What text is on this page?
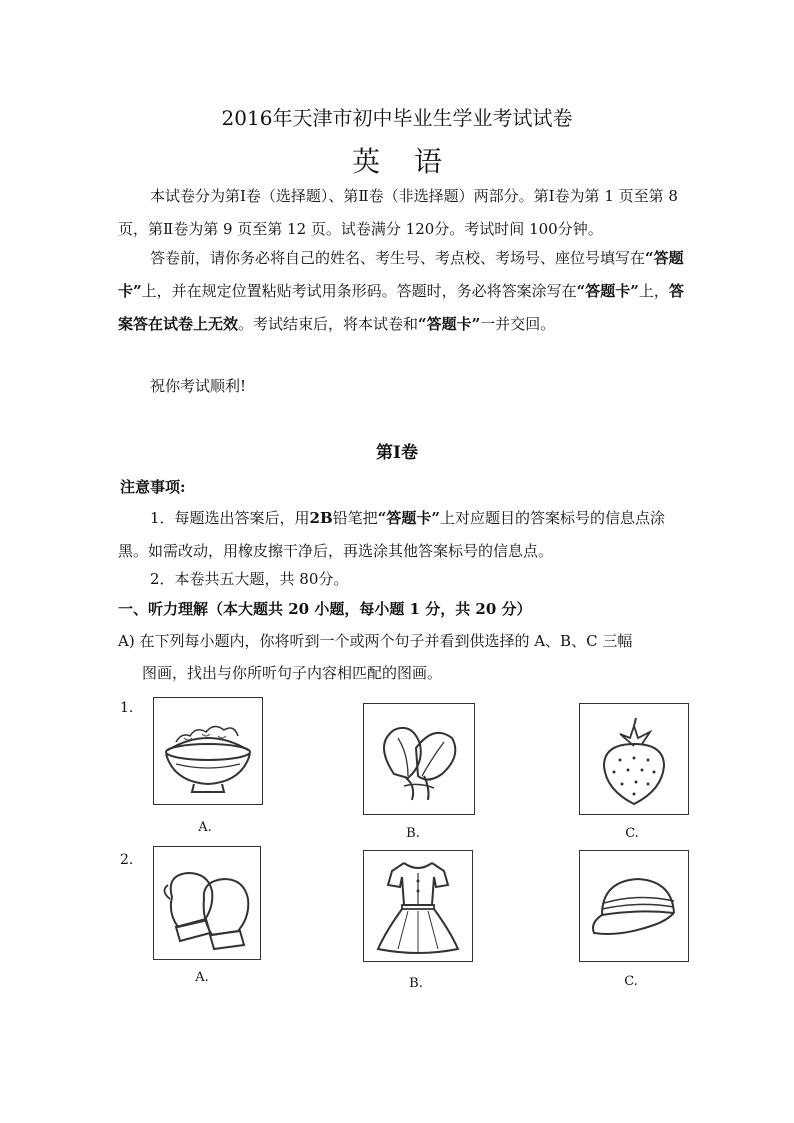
2016年天津市初中毕业生学业考试试卷
英语
本试卷分为第Ⅰ卷（选择题）、第Ⅱ卷（非选择题）两部分。第Ⅰ卷为第 1 页至第 8 页，第Ⅱ卷为第 9 页至第 12 页。试卷满分 120分。考试时间 100分钟。
答卷前，请你务必将自己的姓名、考生号、考点校、考场号、座位号填写在“答题卡”上，并在规定位置粘贴考试用条形码。答题时，务必将答案涂写在“答题卡”上，答案答在试卷上无效。考试结束后，将本试卷和“答题卡”一并交回。
祝你考试顺利!
第Ⅰ卷
注意事项:
1．每题选出答案后，用2B铅笔把“答题卡”上对应题目的答案标号的信息点涂黑。如需改动，用橡皮擦干净后，再选涂其他答案标号的信息点。
2．本卷共五大题，共 80分。
一、听力理解（本大题共 20 小题，每小题 1 分，共 20 分）
A) 在下列每小题内，你将听到一个或两个句子并看到供选择的 A、B、C 三幅
图画，找出与你所听句子内容相匹配的图画。
1.
A.	B.	C.
2.
A.	B.	C.
